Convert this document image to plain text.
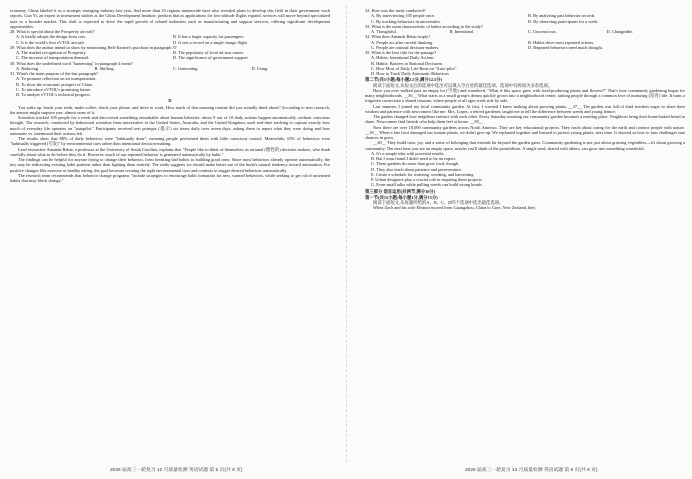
economy. China labeled it as a strategic emerging industry last year. And more than 10 regions nationwide have also revealed plans to develop this field in their government work reports. Guo Yi, an expert in investment studies at the China Development Institute, predicts that as applications for low-altitude flights expand, services will move beyond specialized uses to a broader market. This shift is expected to drive the rapid growth of related industries such as manufacturing and support services, offering significant development opportunities.

28. What is special about the Prosperity aircraft?
A. It totally adopts the design from cars.	B. It has a larger capacity for passengers.
C. It is the world's first eVTOL aircraft.	D. It sets a record on a single charge flight.
29. What does the author intend to show by mentioning Heli-Eastern's purchase in paragraph 3?
A. The market recognition of Prosperity.	B. The popularity of local air-taxi routes.
C. The increase of transportation demand.	D. The significance of government support.
30. What does the underlined word "harnessing" in paragraph 4 mean?
A. Reducing.	B. Shifting.	C. Generating.	D. Using.
31. What's the main purpose of the last paragraph?
A. To promote reflection on air transportation.
B. To show the economic prospect of China.
C. To introduce eVTOL's promising future.
D. To analyze eVTOL's technical progress.
D

You wake up, brush your teeth, make coffee, check your phone, and drive to work. How much of that morning routine did you actually think about? According to new research, the answer might surprise you: almost none of it.

Scientists tracked 105 people for a week and discovered something remarkable about human behavior: about 9 out of 10 daily actions happen automatically, without conscious thought. The research, conducted by behavioral scientists from universities in the United States, Australia, and the United Kingdom, used real-time tracking to capture exactly how much of everyday life operates on "autopilot." Participants received text prompts (提示) six times daily over seven days, asking them to report what they were doing and how automatic vs. intentional their actions felt.

The results show that 88% of daily behaviors were "habitually done", meaning people performed them with little conscious control. Meanwhile, 65% of behaviors were "habitually triggered (引发)" by environmental cues rather than intentional decision-making.

Lead researcher Amanda Rebar, a professor at the University of South Carolina, explains that "People like to think of themselves as rational (理性的) decision makers, who think carefully about what to do before they do it. However, much of our repeated behavior is generated automatically by habit."

The findings can be helpful for anyone trying to change their behavior, from breaking bad habits to building good ones. Since most behaviors already operate automatically, the key may be redirecting existing habit patterns rather than fighting them entirely. The study suggests we should make better use of the brain's natural tendency toward automation. For positive changes like exercise or healthy eating, the goal becomes creating the right environmental cues and contexts to trigger desired behaviors automatically.

The research team recommends that behavior change programs "include strategies to encourage habit formation for new, wanted behaviors, while seeking to get rid of unwanted habits that may block change."

32. How was the study conducted?
A. By interviewing 105 people once.	B. By analyzing past behavior records.
C. By tracking behaviors in universities.	D. By observing participants for a week.
33. What is the main characteristic of habits according to the study?
A. Thoughtful.	B. Intentional.	C. Unconscious.	D. Changeable.
34. What does Amanda Rebar imply?
A. People act after careful thinking.	B. Habits drive most repeated actions.
C. People are rational decision-makers.	D. Repeated behaviors need much thought.
35. What is the best title for the passage?
A. Habits: Intentional Daily Actions
B. Habits: Barriers to Rational Decisions
C. How Most of Daily Life Runs on "Auto-pilot"
D. How to Track Daily Automatic Behaviors
第二节(共5小题;每小题2.5分,满分12.5分)

阅读下面短文,从短文后的选项中选出可以填入空白处的最佳选项。选项中有两项为多余选项。

Have you ever walked past an empty lot (空地) and wondered, "What if this space grew with food-producing plants and flowers?" That's how community gardening began for many neighborhoods. __36__ What starts as a small group's dream quickly grows into a neighborhood center, uniting people through a common love of nurturing (培育) life. It turns a forgotten corner into a shared treasure, where people of all ages work side by side.

Last summer, I joined my local community garden. At first, I worried I knew nothing about growing plants. __37__ The garden was full of kind teachers eager to share their wisdom and patience with newcomers like me. Mrs. Lopez, a retired gardener, taught me to tell the difference between weeds and young lettuce.

The garden changed how neighbors interact with each other. Every Saturday morning our community garden becomes a meeting place. Neighbors bring their home-baked bread to share. Newcomers find friends who help them feel at home. __38__

Now there are over 18,000 community gardens across North America. They are key educational projects. They teach about caring for the earth and connect people with nature. __39__ When a late frost damaged our tomato plants, we didn't give up. We replanted together and learned to protect young plants, next time. It showed us how to turn challenges into chances to grow.

__40__ They build trust, joy, and a sense of belonging that extends far beyond the garden gates. Community gardening is not just about growing vegetables—it's about growing a community. The next time you see an empty space, maybe you'll think of the possibilities. A single seed, shared with others, can grow into something wonderful.

A. It's a simple idea with powerful results.
B. But I soon found I didn't need to be an expert.
C. These gardens do more than grow food, though.
D. They also teach about patience and perseverance.
E. Create a schedule for watering, weeding, and harvesting.
F. Urban designers play a crucial role in inspiring these projects.
G. Even small talks while pulling weeds can build strong bonds.
第三部分 语言运用(共两节,满分30分)
第一节(共15小题;每小题1分,满分15分)

阅读下面短文,从每题所给的A、B、C、D四个选项中选出最佳选项。

When Zach and his wife Eleanor moved from Guangzhou, China to Gore, New Zealand, they

2026 届高三一轮复习 12 月质量检测 英语试题 第 5 页(共 8 页)	2026 届高三一轮复习 12 月质量检测 英语试题 第 6 页(共 8 页)
